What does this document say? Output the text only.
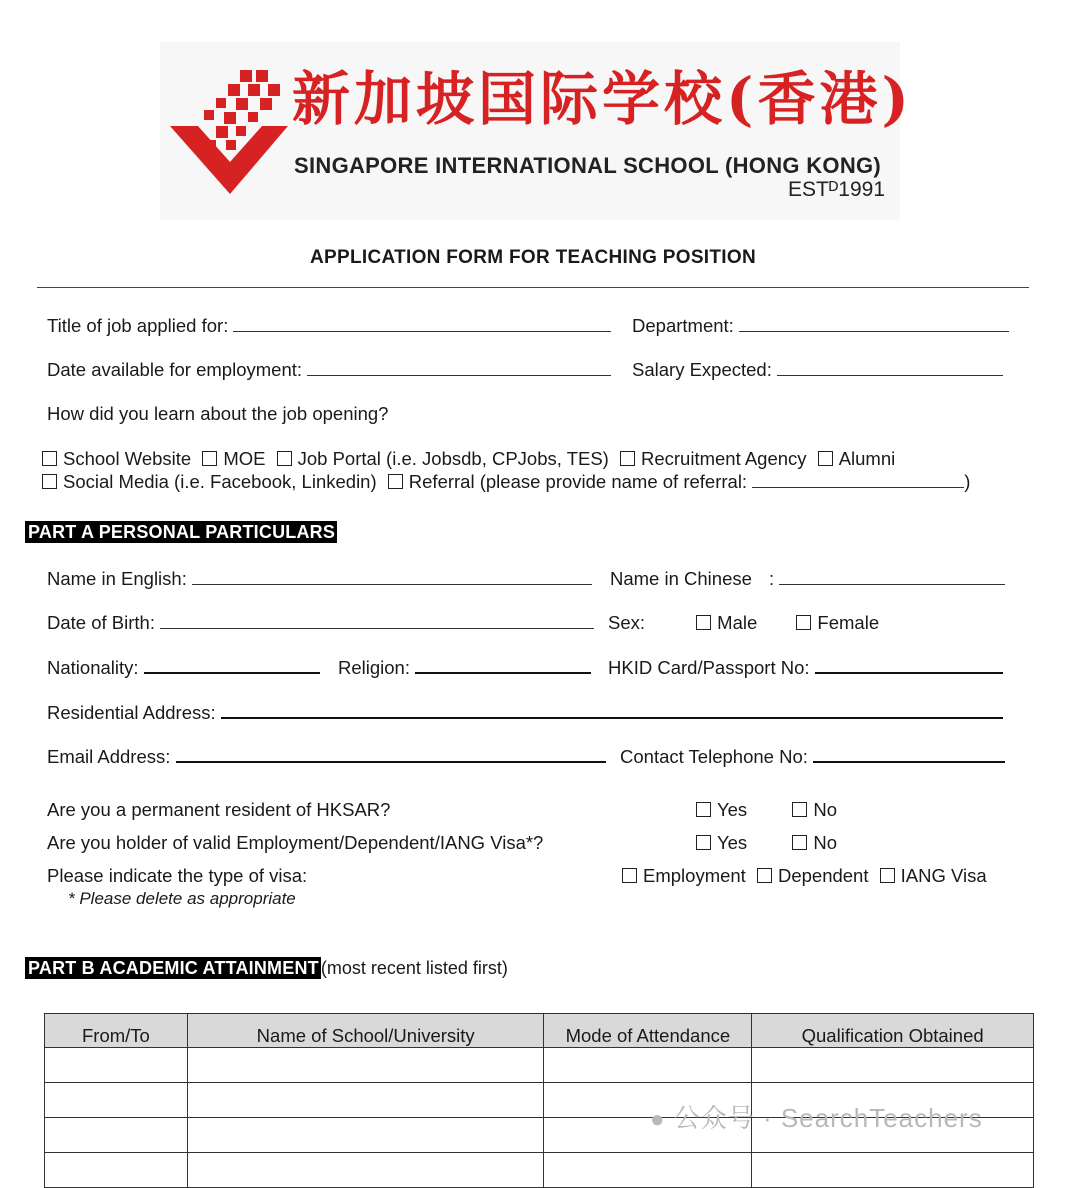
新加坡国际学校(香港)
SINGAPORE INTERNATIONAL SCHOOL (HONG KONG)
ESTᴰ1991
APPLICATION FORM FOR TEACHING POSITION
Title of job applied for:	Department:
Date available for employment:	Salary Expected:
How did you learn about the job opening?
School Website MOE Job Portal (i.e. Jobsdb, CPJobs, TES) Recruitment Agency Alumni
Social Media (i.e. Facebook, Linkedin) Referral (please provide name of referral:	)
PART A PERSONAL PARTICULARS
Name in English:	Name in Chinese :
Date of Birth:	Sex:	Male	Female
Nationality:	Religion:	HKID Card/Passport No:
Residential Address:
Email Address:	Contact Telephone No:
Are you a permanent resident of HKSAR?	Yes	No
Are you holder of valid Employment/Dependent/IANG Visa*?	Yes	No
Please indicate the type of visa:	Employment Dependent IANG Visa
* Please delete as appropriate
PART B ACADEMIC ATTAINMENT (most recent listed first)
From/To	Name of School/University	Mode of Attendance	Qualification Obtained

● 公众号 · SearchTeachers
